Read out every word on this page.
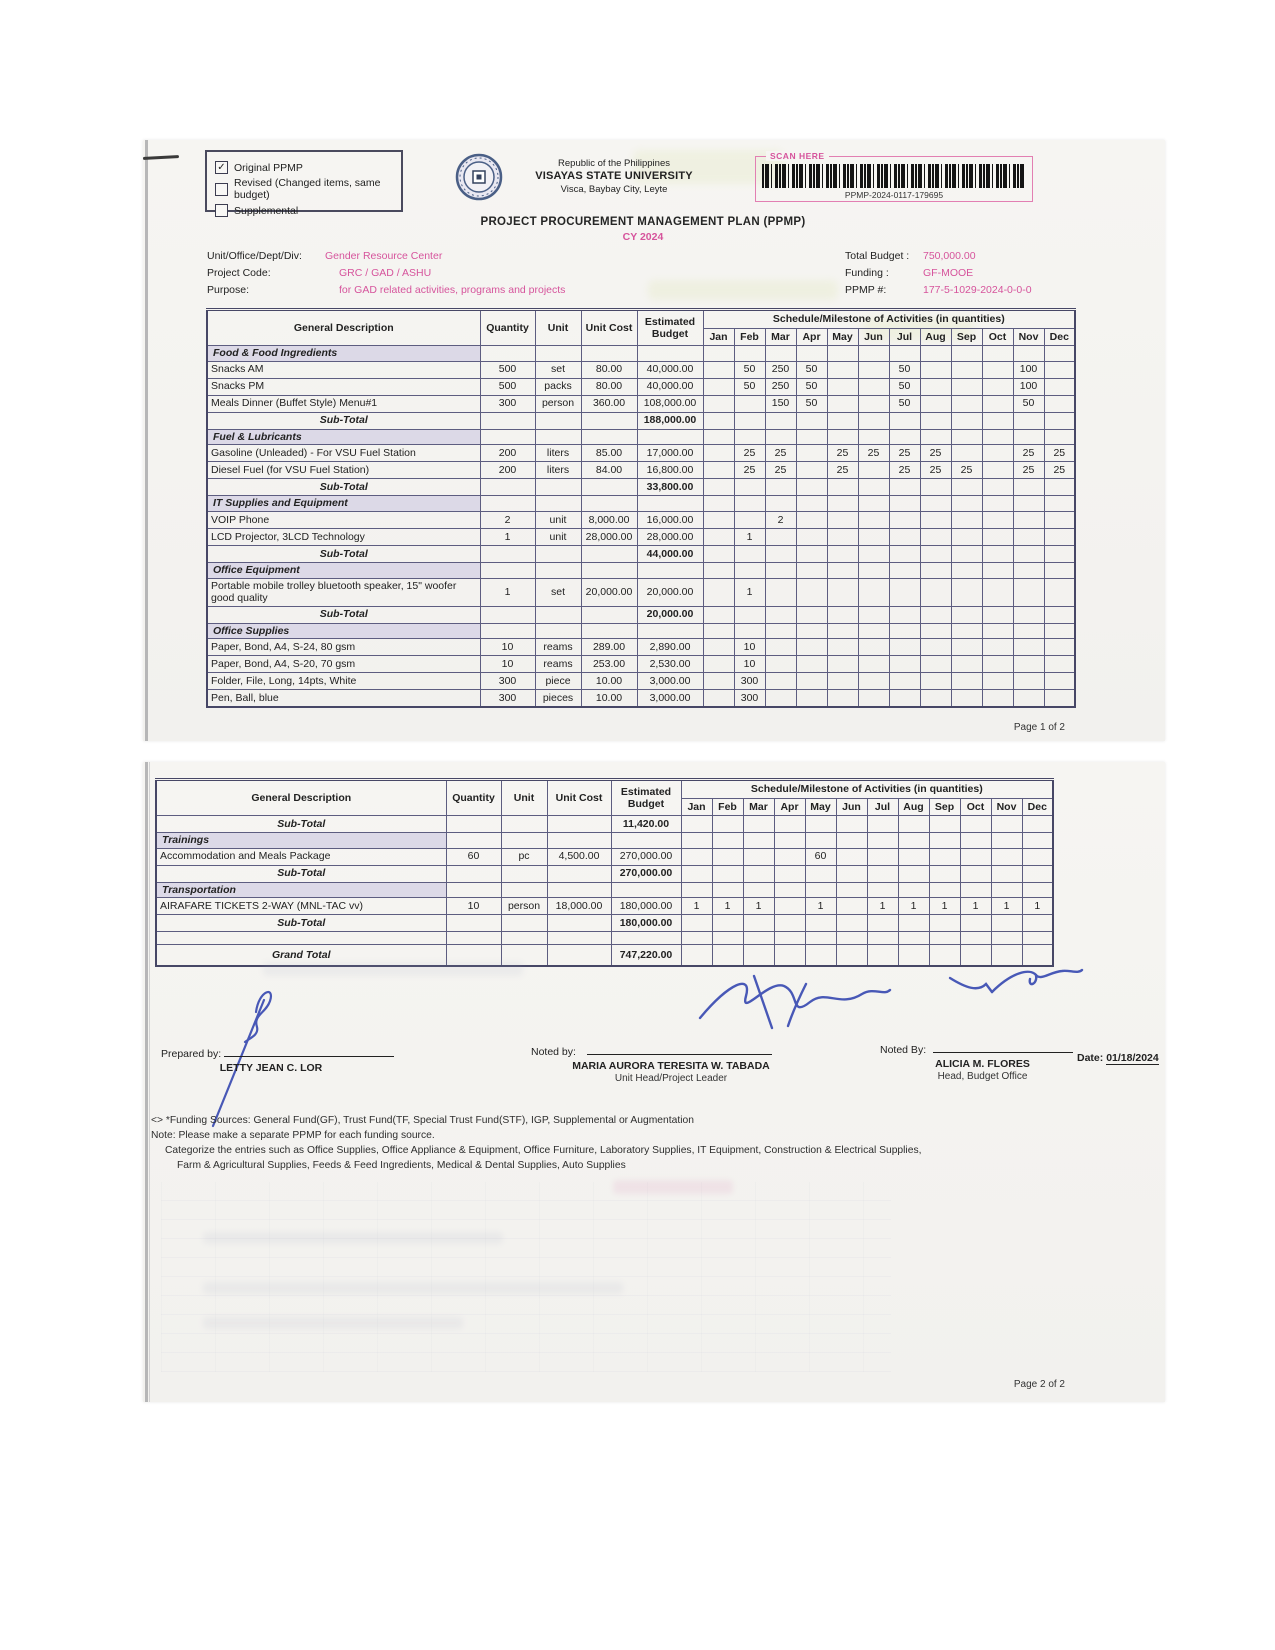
✓ Original PPMP
Revised (Changed items, same budget)
Supplemental
Republic of the Philippines
VISAYAS STATE UNIVERSITY
Visca, Baybay City, Leyte
SCAN HERE
PPMP-2024-0117-179695
PROJECT PROCUREMENT MANAGEMENT PLAN (PPMP)
CY 2024
Unit/Office/Dept/Div: Gender Resource Center
Project Code:	GRC / GAD / ASHU
Purpose:	for GAD related activities, programs and projects
Total Budget : 750,000.00
Funding :	GF-MOOE
PPMP #:	177-5-1029-2024-0-0-0
General Description	Quantity	Unit	Unit Cost	Estimated Budget	Schedule/Milestone of Activities (in quantities)											
					Jan	Feb	Mar	Apr	May	Jun	Jul	Aug	Sep	Oct	Nov	Dec
Food & Food Ingredients																
Snacks AM	500	set	80.00	40,000.00		50	250	50			50				100	
Snacks PM	500	packs	80.00	40,000.00		50	250	50			50				100	
Meals Dinner (Buffet Style) Menu#1	300	person	360.00	108,000.00			150	50			50				50	
Sub-Total				188,000.00												
Fuel & Lubricants																
Gasoline (Unleaded) - For VSU Fuel Station	200	liters	85.00	17,000.00		25	25		25	25	25	25			25	25
Diesel Fuel (for VSU Fuel Station)	200	liters	84.00	16,800.00		25	25		25		25	25	25		25	25
Sub-Total				33,800.00												
IT Supplies and Equipment																
VOIP Phone	2	unit	8,000.00	16,000.00			2									
LCD Projector, 3LCD Technology	1	unit	28,000.00	28,000.00		1										
Sub-Total				44,000.00												
Office Equipment																
Portable mobile trolley bluetooth speaker, 15" woofer good quality	1	set	20,000.00	20,000.00		1										
Sub-Total				20,000.00												
Office Supplies																
Paper, Bond, A4, S-24, 80 gsm	10	reams	289.00	2,890.00		10										
Paper, Bond, A4, S-20, 70 gsm	10	reams	253.00	2,530.00		10										
Folder, File, Long, 14pts, White	300	piece	10.00	3,000.00		300										
Pen, Ball, blue	300	pieces	10.00	3,000.00		300										
Page 1 of 2
General Description	Quantity	Unit	Unit Cost	Estimated Budget	Schedule/Milestone of Activities (in quantities)											
					Jan	Feb	Mar	Apr	May	Jun	Jul	Aug	Sep	Oct	Nov	Dec
Sub-Total				11,420.00												
Trainings																
Accommodation and Meals Package	60	pc	4,500.00	270,000.00					60							
Sub-Total				270,000.00												
Transportation																
AIRAFARE TICKETS 2-WAY (MNL-TAC vv)	10	person	18,000.00	180,000.00	1	1	1		1		1	1	1	1	1	1
Sub-Total				180,000.00												

Grand Total				747,220.00												
Prepared by:
LETTY JEAN C. LOR
Noted by:
MARIA AURORA TERESITA W. TABADA
Unit Head/Project Leader
Noted By:
ALICIA M. FLORES
Head, Budget Office
Date: 01/18/2024
<> *Funding Sources: General Fund(GF), Trust Fund(TF, Special Trust Fund(STF), IGP, Supplemental or Augmentation
Note: Please make a separate PPMP for each funding source.
Categorize the entries such as Office Supplies, Office Appliance & Equipment, Office Furniture, Laboratory Supplies, IT Equipment, Construction & Electrical Supplies,
Farm & Agricultural Supplies, Feeds & Feed Ingredients, Medical & Dental Supplies, Auto Supplies
Page 2 of 2
